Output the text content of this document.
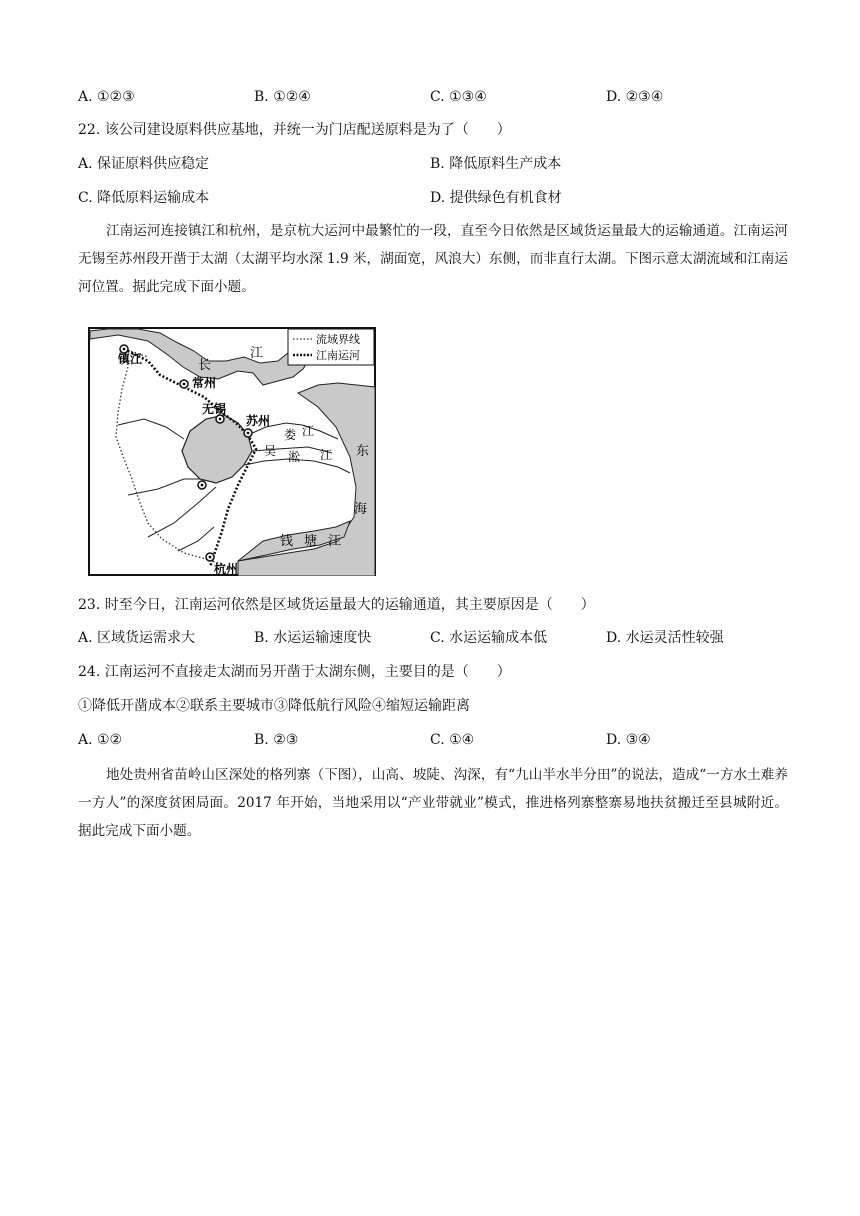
A. ①②③	B. ①②④	C. ①③④	D. ②③④
22. 该公司建设原料供应基地，并统一为门店配送原料是为了（　　）
A. 保证原料供应稳定	B. 降低原料生产成本
C. 降低原料运输成本	D. 提供绿色有机食材
江南运河连接镇江和杭州，是京杭大运河中最繁忙的一段，直至今日依然是区域货运量最大的运输通道。江南运河无锡至苏州段开凿于太湖（太湖平均水深 1.9 米，湖面宽，风浪大）东侧，而非直行太湖。下图示意太湖流域和江南运河位置。据此完成下面小题。
流域界线
江南运河
镇江
常州
无锡
苏州
杭州
长
江
娄 江
吴 淞 江 东
海
钱 塘 江
23. 时至今日，江南运河依然是区域货运量最大的运输通道，其主要原因是（　　）
A. 区域货运需求大	B. 水运运输速度快	C. 水运运输成本低	D. 水运灵活性较强
24. 江南运河不直接走太湖而另开凿于太湖东侧，主要目的是（　　）
①降低开凿成本②联系主要城市③降低航行风险④缩短运输距离
A. ①②	B. ②③	C. ①④	D. ③④
地处贵州省苗岭山区深处的格列寨（下图），山高、坡陡、沟深，有“九山半水半分田”的说法，造成“一方水土难养一方人”的深度贫困局面。2017 年开始，当地采用以“产业带就业”模式，推进格列寨整寨易地扶贫搬迁至县城附近。据此完成下面小题。
